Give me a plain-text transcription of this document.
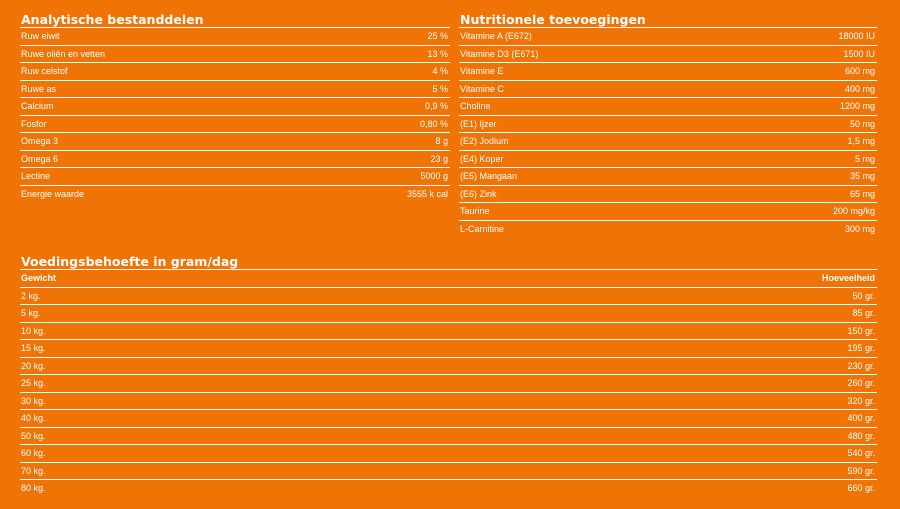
Analytische bestanddelen
Ruw eiwit	25 %
Ruwe oliën en vetten	13 %
Ruw celstof	4 %
Ruwe as	5 %
Calcium	0,9 %
Fosfor	0,80 %
Omega 3	8 g
Omega 6	23 g
Lectine	5000 g
Energie waarde	3555 k cal
Nutritionele toevoegingen
Vitamine A (E672)	18000 IU
Vitamine D3 (E671)	1500 IU
Vitamine E	600 mg
Vitamine C	400 mg
Choline	1200 mg
(E1) Ijzer	50 mg
(E2) Jodium	1,5 mg
(E4) Koper	5 mg
(E5) Mangaan	35 mg
(E6) Zink	65 mg
Taurine	200 mg/kg
L-Carnitine	300 mg
Voedingsbehoefte in gram/dag
Gewicht	Hoeveelheid
2 kg.	50 gr.
5 kg.	85 gr.
10 kg.	150 gr.
15 kg.	195 gr.
20 kg.	230 gr.
25 kg.	260 gr.
30 kg.	320 gr.
40 kg.	400 gr.
50 kg.	480 gr.
60 kg.	540 gr.
70 kg.	590 gr.
80 kg.	660 gr.
